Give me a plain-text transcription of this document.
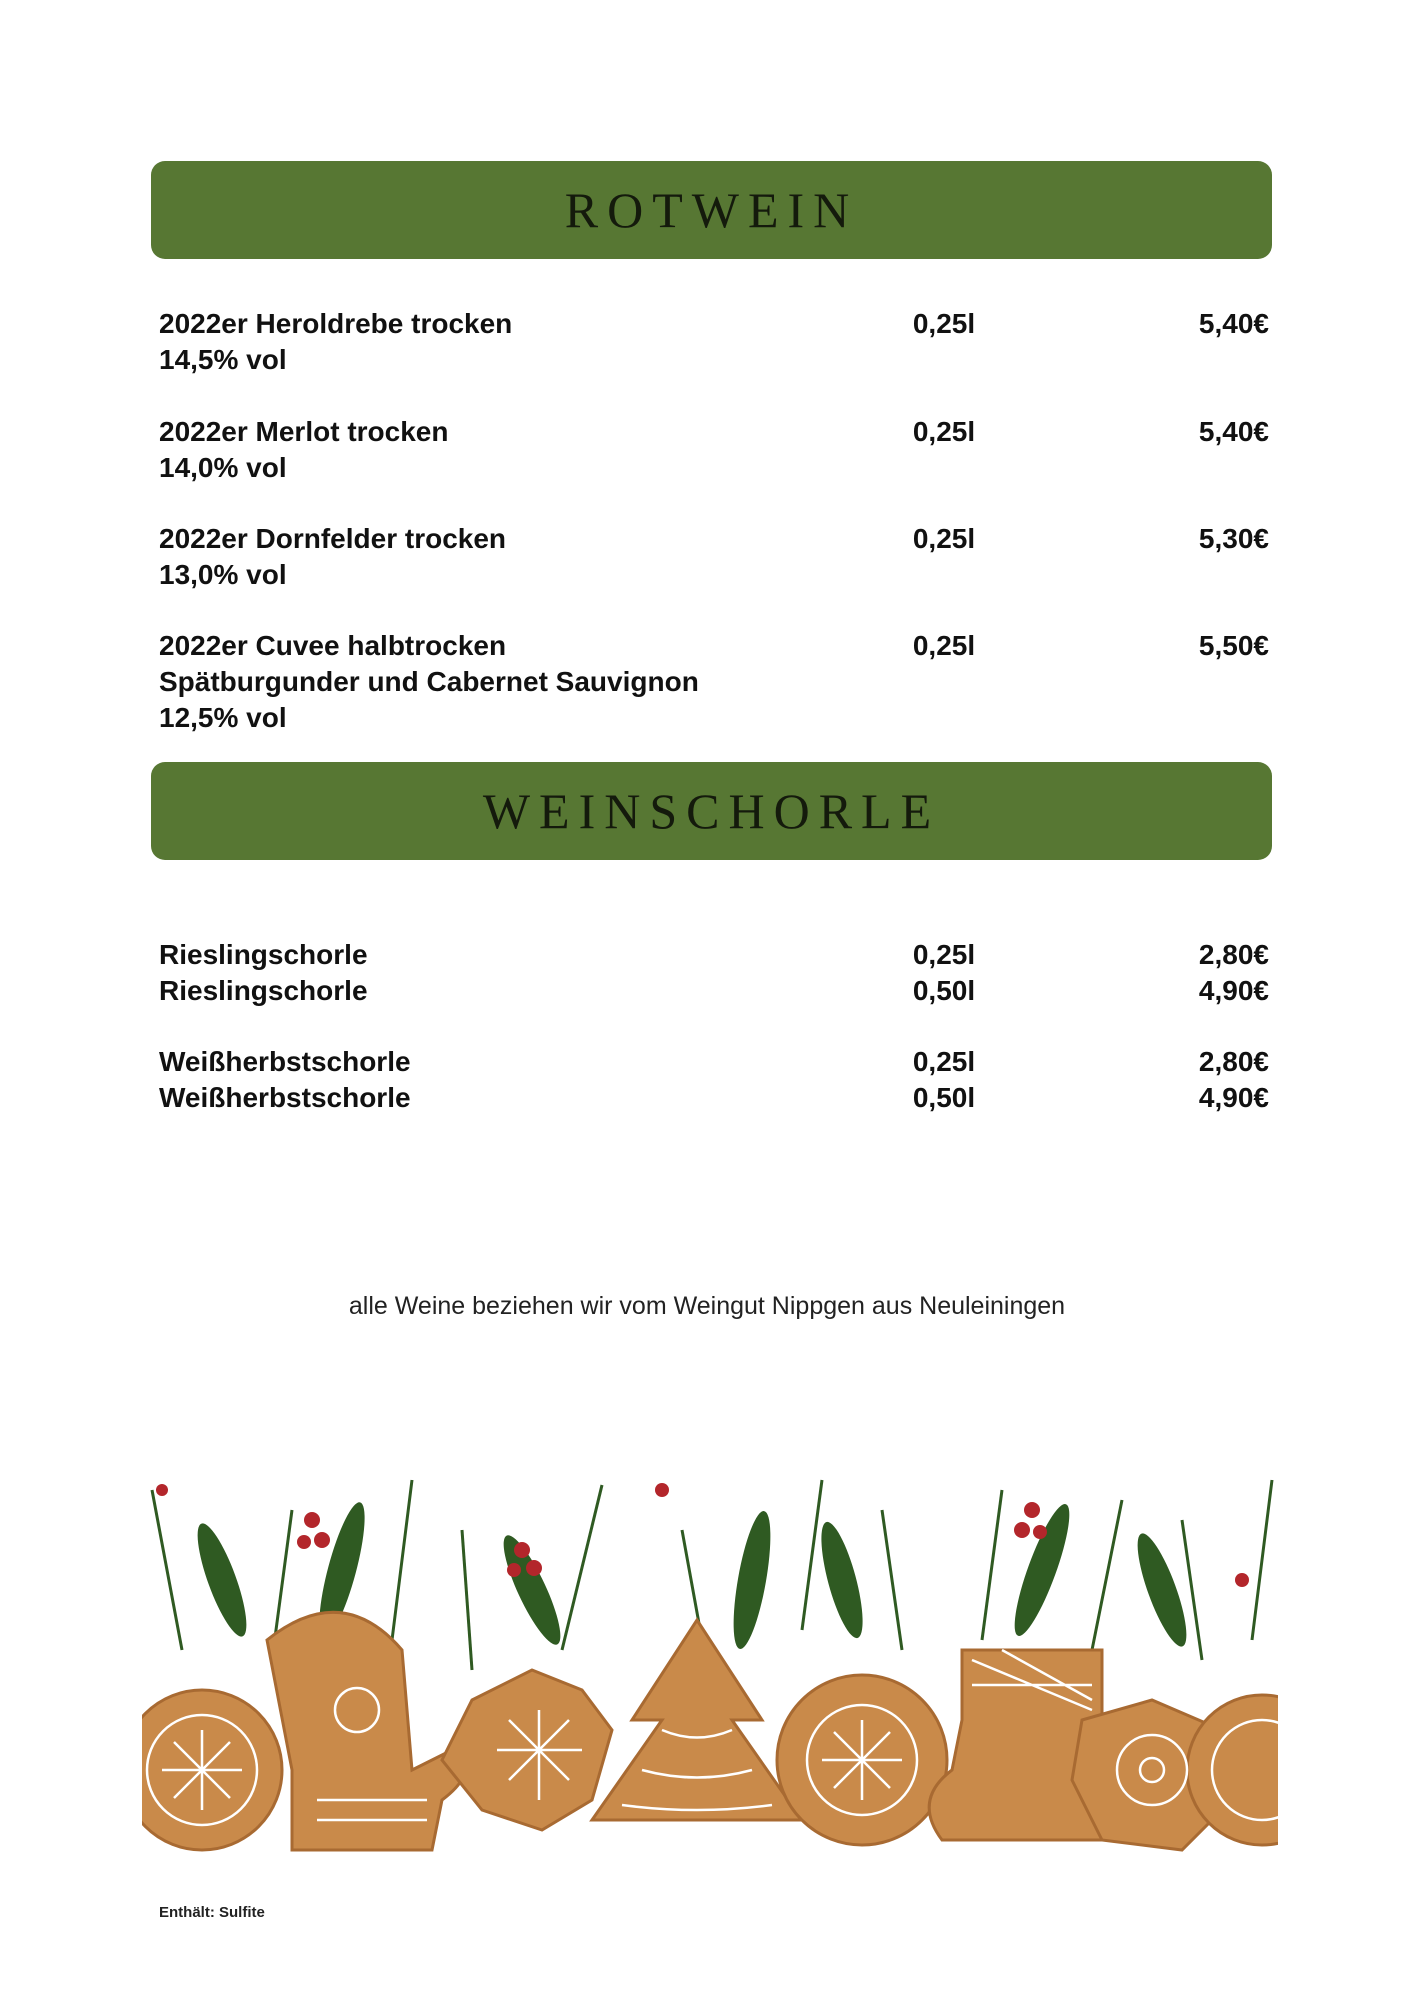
ROTWEIN
2022er Heroldrebe trocken
14,5% vol
0,25l	5,40€
2022er Merlot trocken
14,0% vol
0,25l	5,40€
2022er Dornfelder trocken
13,0% vol
0,25l	5,30€
2022er Cuvee halbtrocken
Spätburgunder und Cabernet Sauvignon
12,5% vol
0,25l	5,50€
WEINSCHORLE
Rieslingschorle	0,25l	2,80€
Rieslingschorle	0,50l	4,90€
Weißherbstschorle	0,25l	2,80€
Weißherbstschorle	0,50l	4,90€
alle Weine beziehen wir vom Weingut Nippgen aus Neuleiningen
Enthält: Sulfite
